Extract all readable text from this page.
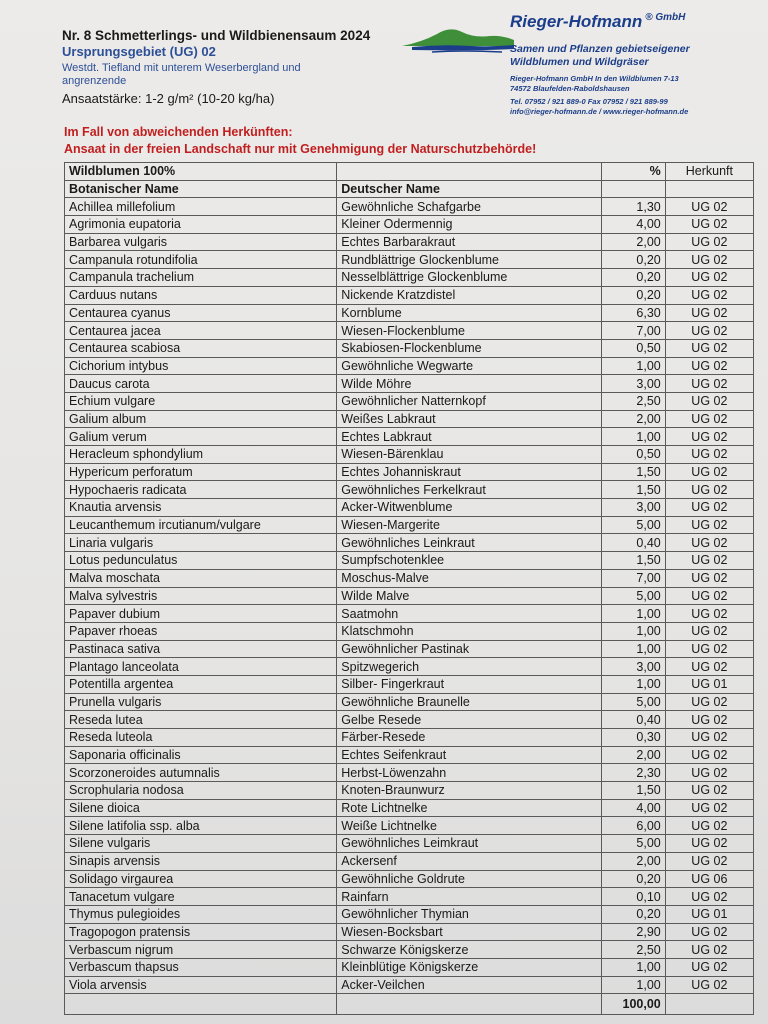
Nr. 8 Schmetterlings- und Wildbienensaum 2024
Ursprungsgebiet (UG) 02
Westdt. Tiefland mit unterem Weserbergland und angrenzende
Ansaatstärke: 1-2 g/m² (10-20 kg/ha)
Rieger-Hofmann $^{® GmbH}$
Samen und Pflanzen gebietseigener
Wildblumen und Wildgräser
Rieger-Hofmann GmbH In den Wildblumen 7-13
74572 Blaufelden-Raboldshausen
Tel. 07952 / 921 889-0 Fax 07952 / 921 889-99
info@rieger-hofmann.de / www.rieger-hofmann.de
Im Fall von abweichenden Herkünften:
Ansaat in der freien Landschaft nur mit Genehmigung der Naturschutzbehörde!
Wildblumen 100%		%	Herkunft
Botanischer Name	Deutscher Name		
Achillea millefolium	Gewöhnliche Schafgarbe	1,30	UG 02
Agrimonia eupatoria	Kleiner Odermennig	4,00	UG 02
Barbarea vulgaris	Echtes Barbarakraut	2,00	UG 02
Campanula rotundifolia	Rundblättrige Glockenblume	0,20	UG 02
Campanula trachelium	Nesselblättrige Glockenblume	0,20	UG 02
Carduus nutans	Nickende Kratzdistel	0,20	UG 02
Centaurea cyanus	Kornblume	6,30	UG 02
Centaurea jacea	Wiesen-Flockenblume	7,00	UG 02
Centaurea scabiosa	Skabiosen-Flockenblume	0,50	UG 02
Cichorium intybus	Gewöhnliche Wegwarte	1,00	UG 02
Daucus carota	Wilde Möhre	3,00	UG 02
Echium vulgare	Gewöhnlicher Natternkopf	2,50	UG 02
Galium album	Weißes Labkraut	2,00	UG 02
Galium verum	Echtes Labkraut	1,00	UG 02
Heracleum sphondylium	Wiesen-Bärenklau	0,50	UG 02
Hypericum perforatum	Echtes Johanniskraut	1,50	UG 02
Hypochaeris radicata	Gewöhnliches Ferkelkraut	1,50	UG 02
Knautia arvensis	Acker-Witwenblume	3,00	UG 02
Leucanthemum ircutianum/vulgare	Wiesen-Margerite	5,00	UG 02
Linaria vulgaris	Gewöhnliches Leinkraut	0,40	UG 02
Lotus pedunculatus	Sumpfschotenklee	1,50	UG 02
Malva moschata	Moschus-Malve	7,00	UG 02
Malva sylvestris	Wilde Malve	5,00	UG 02
Papaver dubium	Saatmohn	1,00	UG 02
Papaver rhoeas	Klatschmohn	1,00	UG 02
Pastinaca sativa	Gewöhnlicher Pastinak	1,00	UG 02
Plantago lanceolata	Spitzwegerich	3,00	UG 02
Potentilla argentea	Silber- Fingerkraut	1,00	UG 01
Prunella vulgaris	Gewöhnliche Braunelle	5,00	UG 02
Reseda lutea	Gelbe Resede	0,40	UG 02
Reseda luteola	Färber-Resede	0,30	UG 02
Saponaria officinalis	Echtes Seifenkraut	2,00	UG 02
Scorzoneroides autumnalis	Herbst-Löwenzahn	2,30	UG 02
Scrophularia nodosa	Knoten-Braunwurz	1,50	UG 02
Silene dioica	Rote Lichtnelke	4,00	UG 02
Silene latifolia ssp. alba	Weiße Lichtnelke	6,00	UG 02
Silene vulgaris	Gewöhnliches Leimkraut	5,00	UG 02
Sinapis arvensis	Ackersenf	2,00	UG 02
Solidago virgaurea	Gewöhnliche Goldrute	0,20	UG 06
Tanacetum vulgare	Rainfarn	0,10	UG 02
Thymus pulegioides	Gewöhnlicher Thymian	0,20	UG 01
Tragopogon pratensis	Wiesen-Bocksbart	2,90	UG 02
Verbascum nigrum	Schwarze Königskerze	2,50	UG 02
Verbascum thapsus	Kleinblütige Königskerze	1,00	UG 02
Viola arvensis	Acker-Veilchen	1,00	UG 02
		100,00	
